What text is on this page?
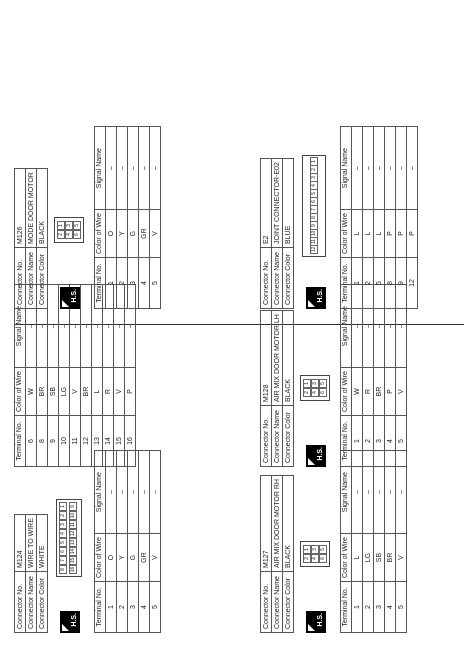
Connector No.	M124
Connector Name	WIRE TO WIRE
Connector Color	WHITE
H.S.
8
7
6
5
4
3
2
1
16
15
14
13
12
11
10
9
Terminal No.	Color of Wire	Signal Name
1	O	–
2	Y	–
3	G	–
4	GR	–
5	V	–
Terminal No.	Color of Wire	Signal Name
6	W	–
8	BR	–
9	SB	–
10	LG	–
11	V	–
12	BR	–
13	L	–
14	R	–
15	V	–
16	P	–
Connector No.	M126
Connector Name	MODE DOOR MOTOR
Connector Color	BLACK
H.S.
2
1
4
3
6
5
Terminal No.	Color of Wire	Signal Name
1	O	–
2	Y	–
3	G	–
4	GR	–
5	V	–
Connector No.	M127
Connector Name	AIR MIX DOOR MOTOR RH
Connector Color	BLACK
H.S.
2
1
4
3
6
5
Terminal No.	Color of Wire	Signal Name
1	L	–
2	LG	–
3	SB	–
4	BR	–
5	V	–
Connector No.	M128
Connector Name	AIR MIX DOOR MOTOR LH
Connector Color	BLACK
H.S.
2
1
4
3
6
5
Terminal No.	Color of Wire	Signal Name
1	W	–
2	R	–
3	BR	–
4	P	–
5	V	–
Connector No.	E2
Connector Name	JOINT CONNECTOR-E02
Connector Color	BLUE
H.S.
12
11
10
9
8
7
6
5
4
3
2
1
Terminal No.	Color of Wire	Signal Name
1	L	–
2	L	–
5	L	–
8	P	–
9	P	–
12	P	–
